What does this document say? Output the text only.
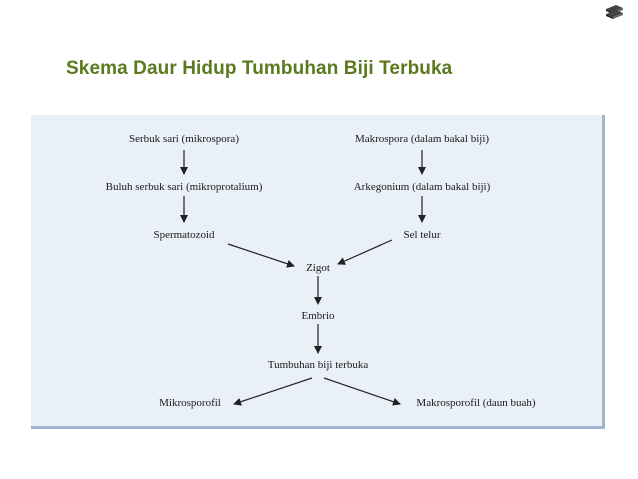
Skema Daur Hidup Tumbuhan Biji Terbuka
Serbuk sari (mikrospora)
Buluh serbuk sari (mikroprotalium)
Spermatozoid
Makrospora (dalam bakal biji)
Arkegonium (dalam bakal biji)
Sel telur
Zigot
Embrio
Tumbuhan biji terbuka
Mikrosporofil	Makrosporofil (daun buah)
